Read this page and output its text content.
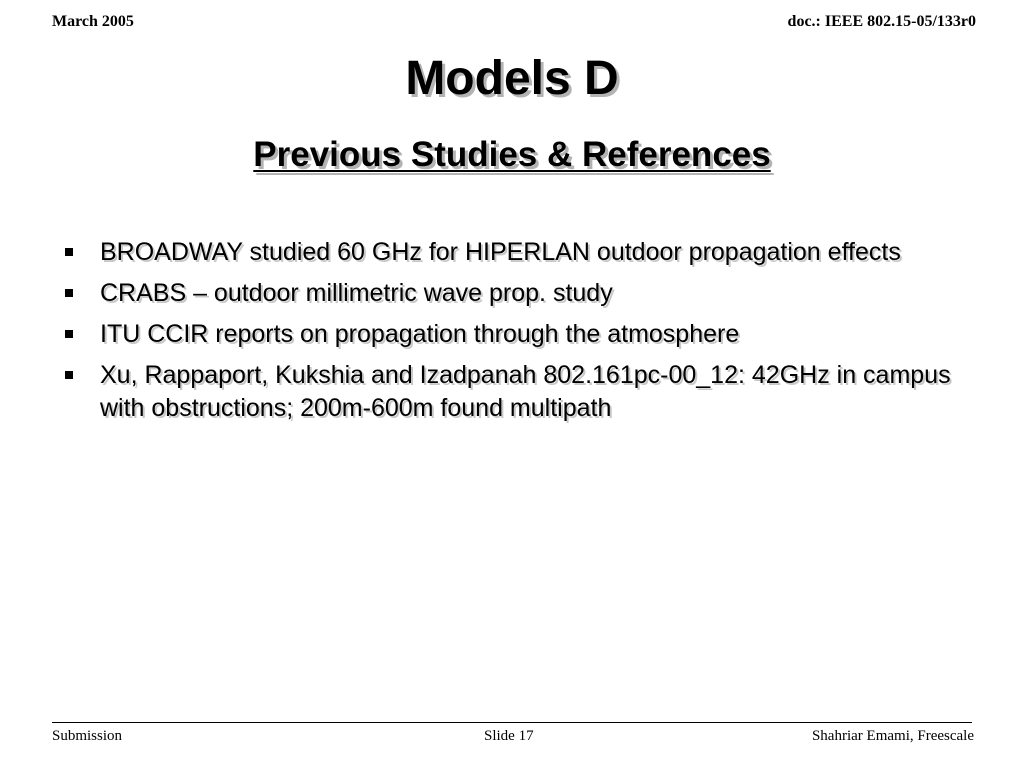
March 2005	doc.: IEEE 802.15-05/133r0
Models D
Previous Studies & References
BROADWAY studied 60 GHz for HIPERLAN outdoor propagation effects
CRABS – outdoor millimetric wave prop. study
ITU CCIR reports on propagation through the atmosphere
Xu, Rappaport, Kukshia and Izadpanah 802.161pc-00_12: 42GHz in campus with obstructions; 200m-600m found multipath
Submission	Slide 17	Shahriar Emami, Freescale
